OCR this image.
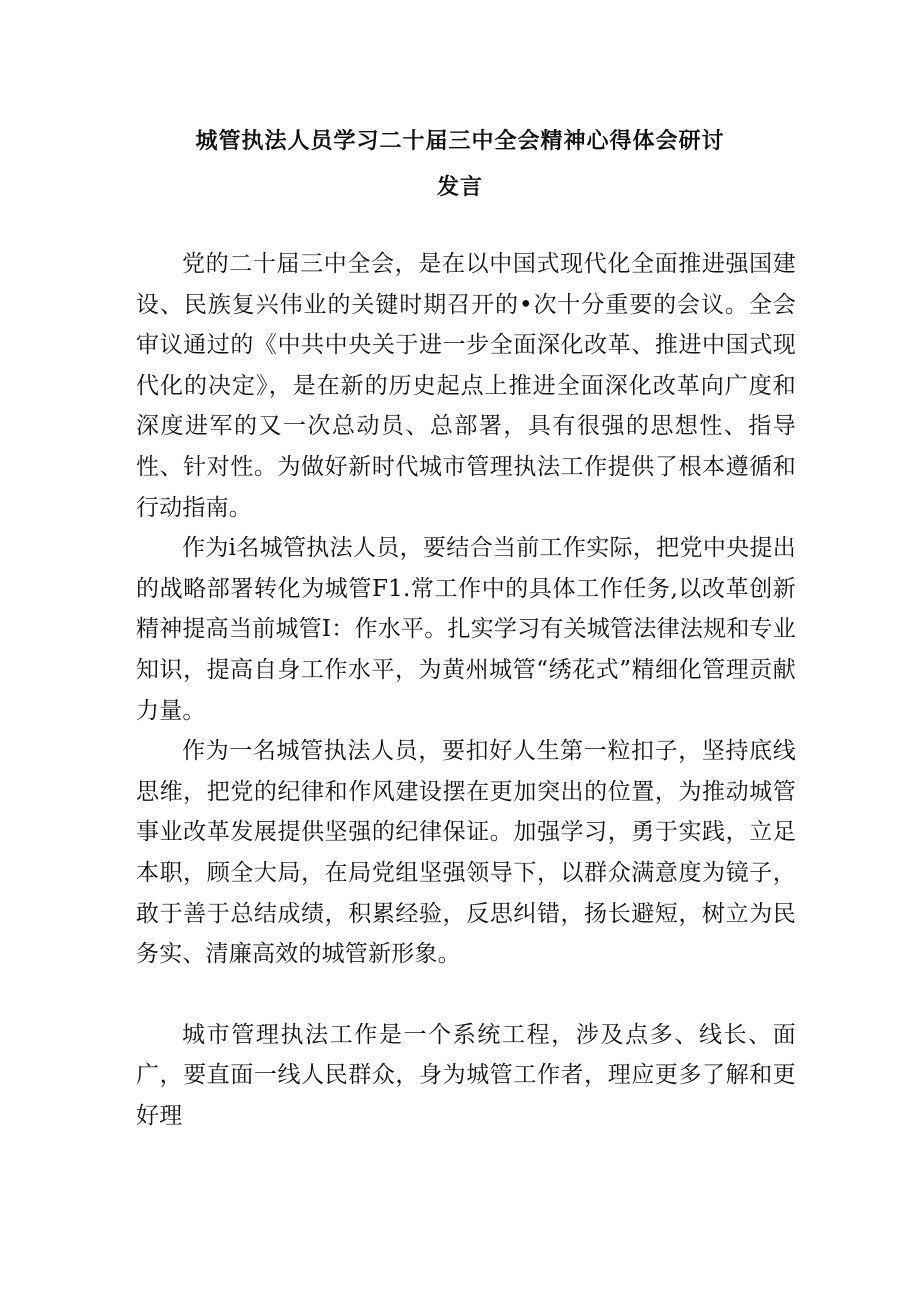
城管执法人员学习二十届三中全会精神心得体会研讨
发言

党的二十届三中全会，是在以中国式现代化全面推进强国建设、民族复兴伟业的关键时期召开的•次十分重要的会议。全会审议通过的《中共中央关于进一步全面深化改革、推进中国式现代化的决定》，是在新的历史起点上推进全面深化改革向广度和深度进军的又一次总动员、总部署，具有很强的思想性、指导性、针对性。为做好新时代城市管理执法工作提供了根本遵循和行动指南。

作为i名城管执法人员，要结合当前工作实际，把党中央提出的战略部署转化为城管F1.常工作中的具体工作任务,以改革创新精神提高当前城管I：作水平。扎实学习有关城管法律法规和专业知识，提高自身工作水平，为黄州城管“绣花式”精细化管理贡献力量。

作为一名城管执法人员，要扣好人生第一粒扣子，坚持底线思维，把党的纪律和作风建设摆在更加突出的位置，为推动城管事业改革发展提供坚强的纪律保证。加强学习，勇于实践，立足本职，顾全大局，在局党组坚强领导下，以群众满意度为镜子，敢于善于总结成绩，积累经验，反思纠错，扬长避短，树立为民务实、清廉高效的城管新形象。

城市管理执法工作是一个系统工程，涉及点多、线长、面广，要直面一线人民群众，身为城管工作者，理应更多了解和更好理
